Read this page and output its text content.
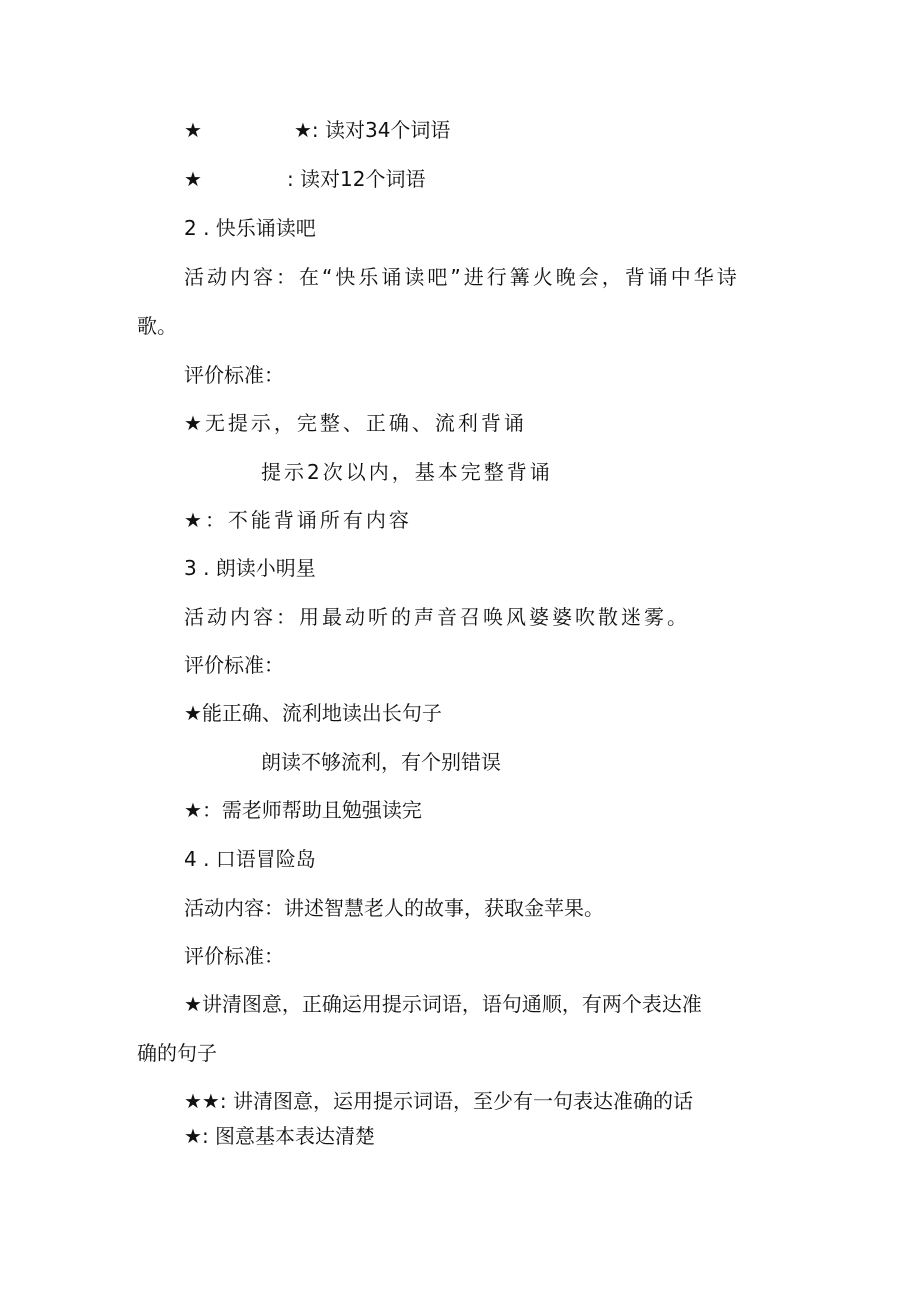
★	★: 读对34个词语
★	: 读对12个词语
2 . 快乐诵读吧
活动内容：在“快乐诵读吧”进行篝火晚会，背诵中华诗
歌。
评价标准：
★无提示，完整、正确、流利背诵
提示2次以内，基本完整背诵
★：不能背诵所有内容
3 . 朗读小明星
活动内容：用最动听的声音召唤风婆婆吹散迷雾。
评价标准：
★能正确、流利地读出长句子
朗读不够流利，有个别错误
★：需老师帮助且勉强读完
4 . 口语冒险岛
活动内容：讲述智慧老人的故事，获取金苹果。
评价标准：
★讲清图意，正确运用提示词语，语句通顺，有两个表达准
确的句子
★★: 讲清图意，运用提示词语，至少有一句表达准确的话
★: 图意基本表达清楚
